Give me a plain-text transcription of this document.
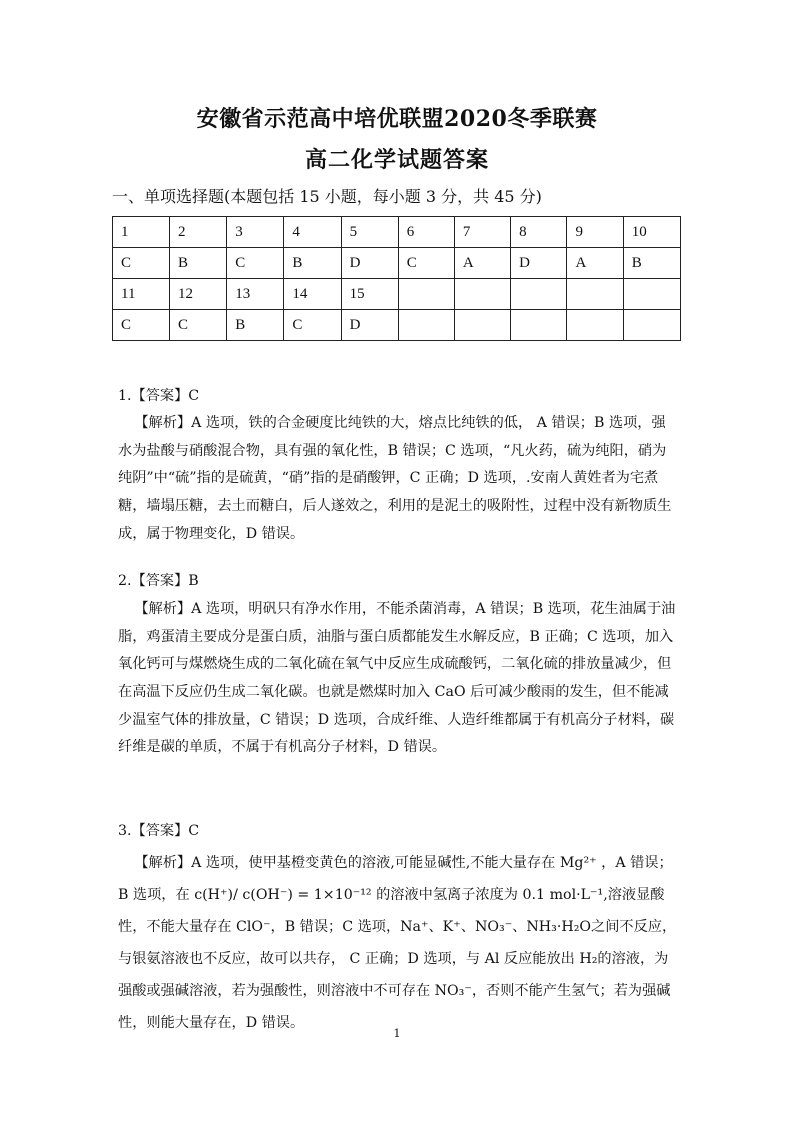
安徽省示范高中培优联盟2020冬季联赛
高二化学试题答案
一、单项选择题(本题包括 15 小题，每小题 3 分，共 45 分)
1	2	3	4	5	6	7	8	9	10
C	B	C	B	D	C	A	D	A	B
11	12	13	14	15					
C	C	B	C	D					
1.【答案】C
【解析】A 选项，铁的合金硬度比纯铁的大，熔点比纯铁的低， A 错误；B 选项，强水为盐酸与硝酸混合物，具有强的氧化性，B 错误；C 选项，“凡火药，硫为纯阳，硝为纯阴”中“硫”指的是硫黄，“硝”指的是硝酸钾，C 正确；D 选项，.安南人黄姓者为宅煮糖，墙塌压糖，去土而糖白，后人遂效之，利用的是泥土的吸附性，过程中没有新物质生成，属于物理变化，D 错误。
2.【答案】B
【解析】A 选项，明矾只有净水作用，不能杀菌消毒，A 错误；B 选项，花生油属于油脂，鸡蛋清主要成分是蛋白质，油脂与蛋白质都能发生水解反应，B 正确；C 选项，加入氧化钙可与煤燃烧生成的二氧化硫在氧气中反应生成硫酸钙，二氧化硫的排放量减少，但在高温下反应仍生成二氧化碳。也就是燃煤时加入 CaO 后可减少酸雨的发生，但不能减少温室气体的排放量，C 错误；D 选项，合成纤维、人造纤维都属于有机高分子材料，碳纤维是碳的单质，不属于有机高分子材料，D 错误。
3.【答案】C
【解析】A 选项，使甲基橙变黄色的溶液,可能显碱性,不能大量存在 Mg²⁺ ，A 错误；B 选项，在 c(H⁺)/ c(OH⁻) = 1×10⁻¹² 的溶液中氢离子浓度为 0.1 mol·L⁻¹,溶液显酸性，不能大量存在 ClO⁻，B 错误；C 选项，Na⁺、K⁺、NO₃⁻、NH₃·H₂O之间不反应，与银氨溶液也不反应，故可以共存， C 正确；D 选项，与 Al 反应能放出 H₂的溶液，为强酸或强碱溶液，若为强酸性，则溶液中不可存在 NO₃⁻，否则不能产生氢气；若为强碱性，则能大量存在，D 错误。
1
